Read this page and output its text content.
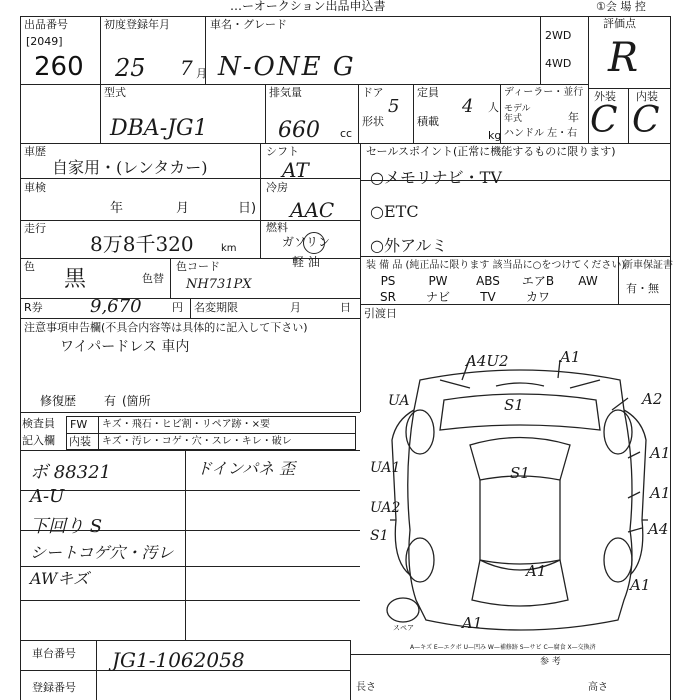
…ーオークション出品申込書	①会 場 控
出品番号
[2049]
260
初度登録年月
25 7 月
車名・グレード
N-ONE G
2WD
4WD
評価点
R
型式
DBA-JG1
排気量
660 cc
ドア
5
形状
定員
4 人
積載
kg
ディーラー・並行
モデル年式	年
ハンドル 左・右
外装 内装
C C
車歴
自家用・(レンタカー)
車検
年	月	日)
走行
8万8千320	km
色
黒	色替
色コード
NH731PX
R券	9,670	円 名変期限	月	日
シフト
AT
冷房
AAC
燃料
ガソリン
軽 油
セールスポイント(正常に機能するものに限ります)
○メモリナビ・TV
○ETC
○外アルミ
装 備 品 (純正品に限ります 該当品に○をつけてください)
新車保証書
有・無
PS	PW	ABS	エアB	AW
SR	ナビ	TV	カワ
引渡日
注意事項申告欄(不具合内容等は具体的に記入して下さい)
ワイパードレス 車内
修復歴 有 (箇所
検査員
記入欄
FW キズ・飛石・ヒビ割・リペア跡・×要
内装 キズ・汚レ・コゲ・穴・スレ・キレ・破レ
ボ 88321
A-U
下回り S
シートコゲ穴・汚レ
AWキズ
ドインパネ 歪
A4U2	A1
UA	A2
S1
A1
UA1	S1
A1
A4
UA2
S1
A1
A1
A1
スペア
車台番号 JG1-1062058
登録番号
A—キズ E—エクボ U—凹み W—補修跡 S—サビ C—腐食 X—交換済
参 考
長さ	高さ
